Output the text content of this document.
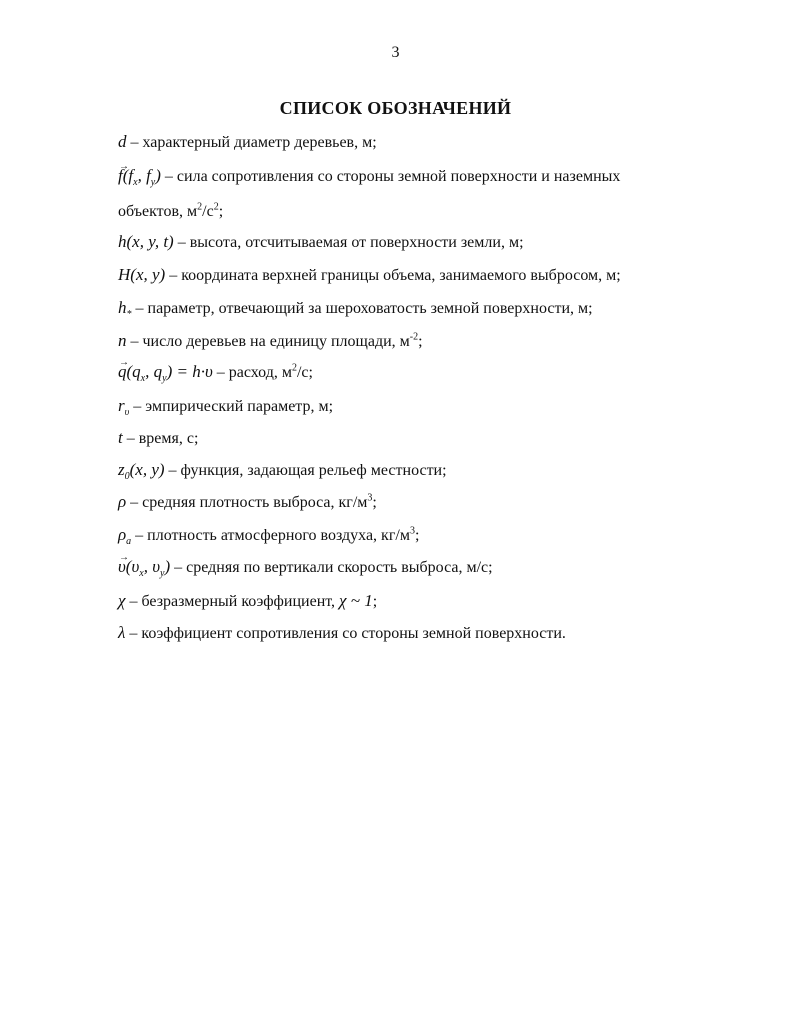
3
СПИСОК ОБОЗНАЧЕНИЙ
d – характерный диаметр деревьев, м;
→ $f(f_x$, $f_y$) – сила сопротивления со стороны земной поверхности и наземных
объектов, $м^2/с^2$;
h(x, y, t) – высота, отсчитываемая от поверхности земли, м;
H(x, y) – координата верхней границы объема, занимаемого выбросом, м;
$h_*$ – параметр, отвечающий за шероховатость земной поверхности, м;
n – число деревьев на единицу площади, $м^{-2}$;
→ $q(q_x$, $q_y) = h\cdot\upsilon$ – расход, $м^2/с$;
$r_\upsilon$ – эмпирический параметр, м;
t – время, с;
$z_0(x$, y) – функция, задающая рельеф местности;
ρ – средняя плотность выброса, $кг/м^3$;
$\rho_a$ – плотность атмосферного воздуха, $кг/м^3$;
→ $\upsilon(\upsilon_x$, $\upsilon_y$) – средняя по вертикали скорость выброса, м/с;
χ – безразмерный коэффициент, χ ~ 1;
λ – коэффициент сопротивления со стороны земной поверхности.
